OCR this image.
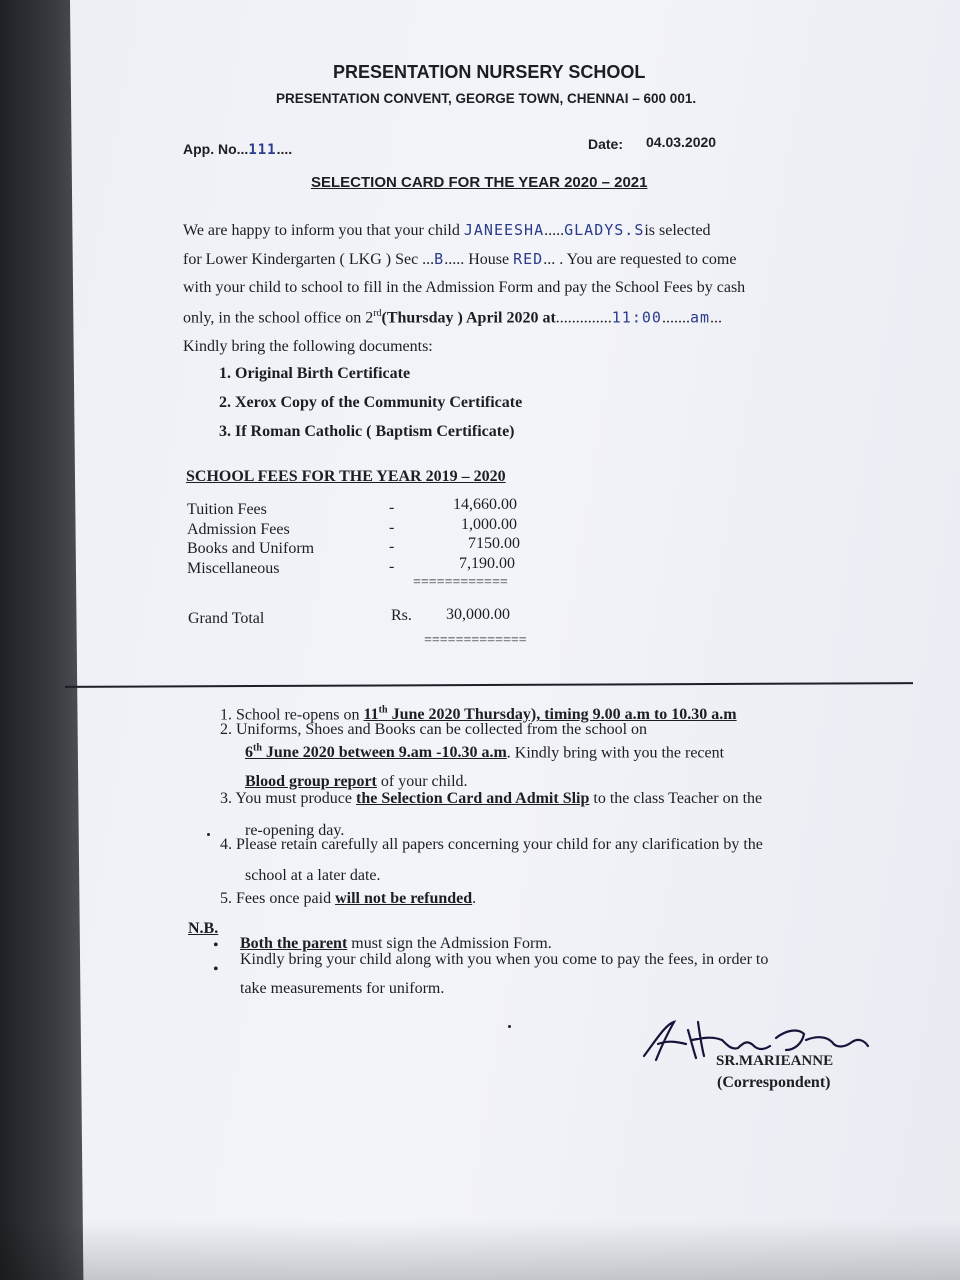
PRESENTATION NURSERY SCHOOL
PRESENTATION CONVENT, GEORGE TOWN, CHENNAI – 600 001.
App. No...111....	Date: 04.03.2020
SELECTION CARD FOR THE YEAR 2020 – 2021
We are happy to inform you that your child JANEESHA.....GLADYS.Sis selected
for Lower Kindergarten ( LKG ) Sec ...B..... House RED... . You are requested to come
with your child to school to fill in the Admission Form and pay the School Fees by cash
only, in the school office on 2rd(Thursday ) April 2020 at..............11:00.......am...
Kindly bring the following documents:
1. Original Birth Certificate
2. Xerox Copy of the Community Certificate
3. If Roman Catholic ( Baptism Certificate)
SCHOOL FEES FOR THE YEAR 2019 – 2020
Tuition Fees	-	14,660.00
Admission Fees	-	1,000.00
Books and Uniform	-	7150.00
Miscellaneous	-	7,190.00
============
Grand Total	Rs. 30,000.00
=============
1. School re-opens on 11th June 2020 Thursday), timing 9.00 a.m to 10.30 a.m
2. Uniforms, Shoes and Books can be collected from the school on
6th June 2020 between 9.am -10.30 a.m. Kindly bring with you the recent
Blood group report of your child.
3. You must produce the Selection Card and Admit Slip to the class Teacher on the
re-opening day.
4. Please retain carefully all papers concerning your child for any clarification by the
school at a later date.
5. Fees once paid will not be refunded.
N.B.
• Both the parent must sign the Admission Form.
•
Kindly bring your child along with you when you come to pay the fees, in order to
take measurements for uniform.
SR.MARIEANNE
(Correspondent)
